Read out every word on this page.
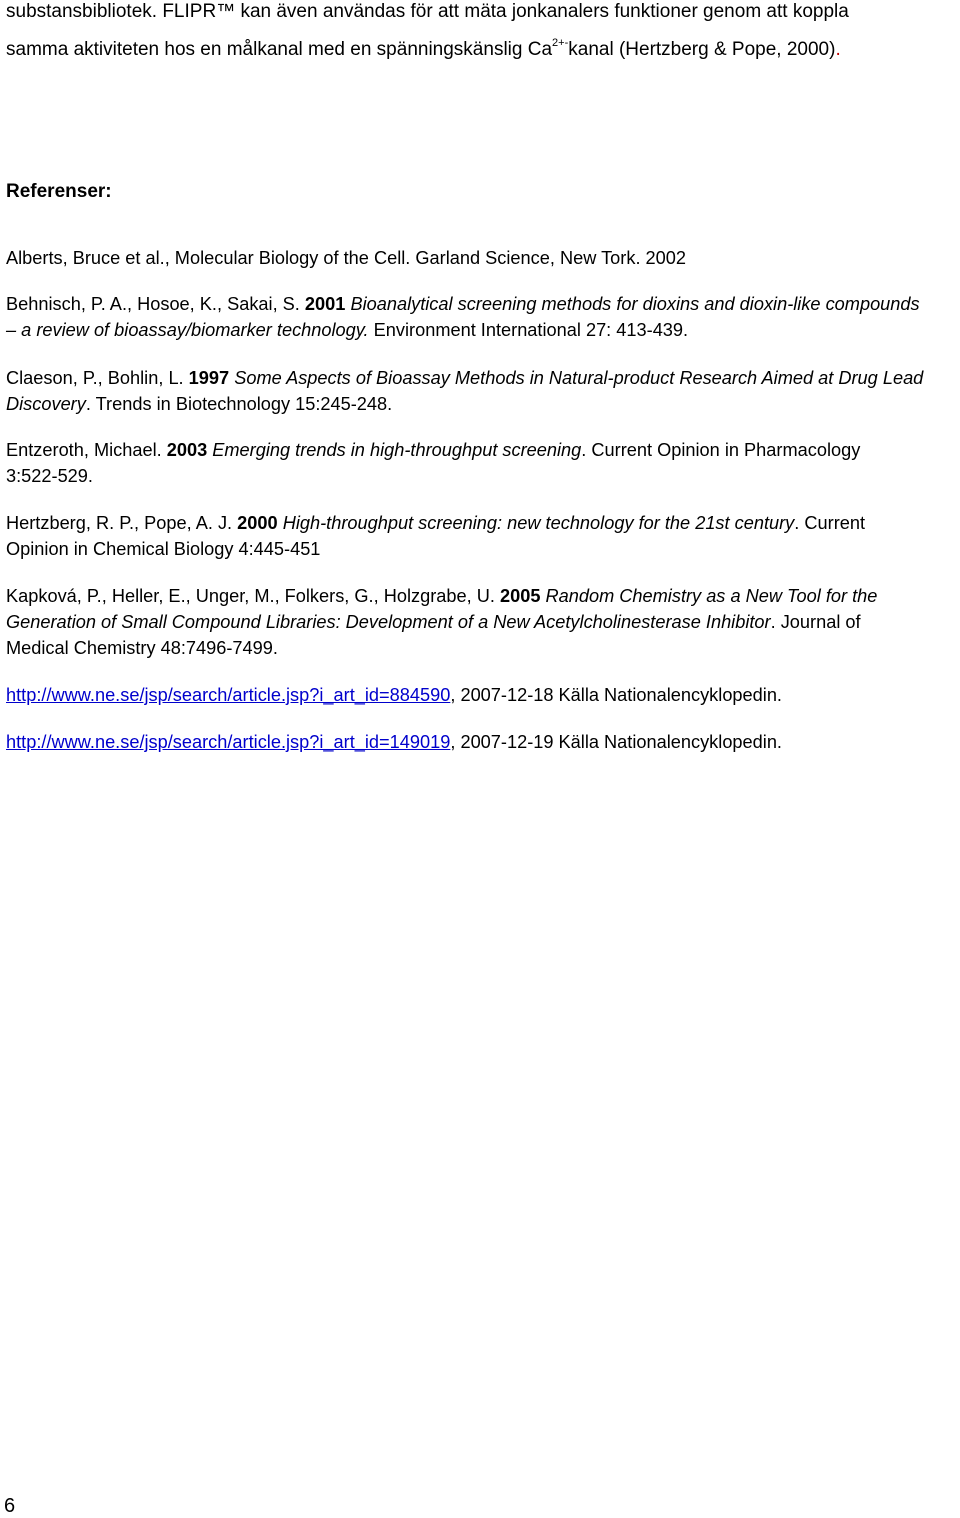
substansbibliotek. FLIPR™ kan även användas för att mäta jonkanalers funktioner genom att koppla
samma aktiviteten hos en målkanal med en spänningskänslig $Ca^{2+-}kanal$ (Hertzberg & Pope, 2000).
Referenser:
Alberts, Bruce et al., Molecular Biology of the Cell. Garland Science, New Tork. 2002
Behnisch, P. A., Hosoe, K., Sakai, S. 2001 Bioanalytical screening methods for dioxins and dioxin-like compounds
– a review of bioassay/biomarker technology. Environment International 27: 413-439.
Claeson, P., Bohlin, L. 1997 Some Aspects of Bioassay Methods in Natural-product Research Aimed at Drug Lead
Discovery. Trends in Biotechnology 15:245-248.
Entzeroth, Michael. 2003 Emerging trends in high-throughput screening. Current Opinion in Pharmacology
3:522-529.
Hertzberg, R. P., Pope, A. J. 2000 High-throughput screening: new technology for the 21st century. Current
Opinion in Chemical Biology 4:445-451
Kapková, P., Heller, E., Unger, M., Folkers, G., Holzgrabe, U. 2005 Random Chemistry as a New Tool for the
Generation of Small Compound Libraries: Development of a New Acetylcholinesterase Inhibitor. Journal of
Medical Chemistry 48:7496-7499.
http://www.ne.se/jsp/search/article.jsp?i_art_id=884590, 2007-12-18 Källa Nationalencyklopedin.
http://www.ne.se/jsp/search/article.jsp?i_art_id=149019, 2007-12-19 Källa Nationalencyklopedin.
6
